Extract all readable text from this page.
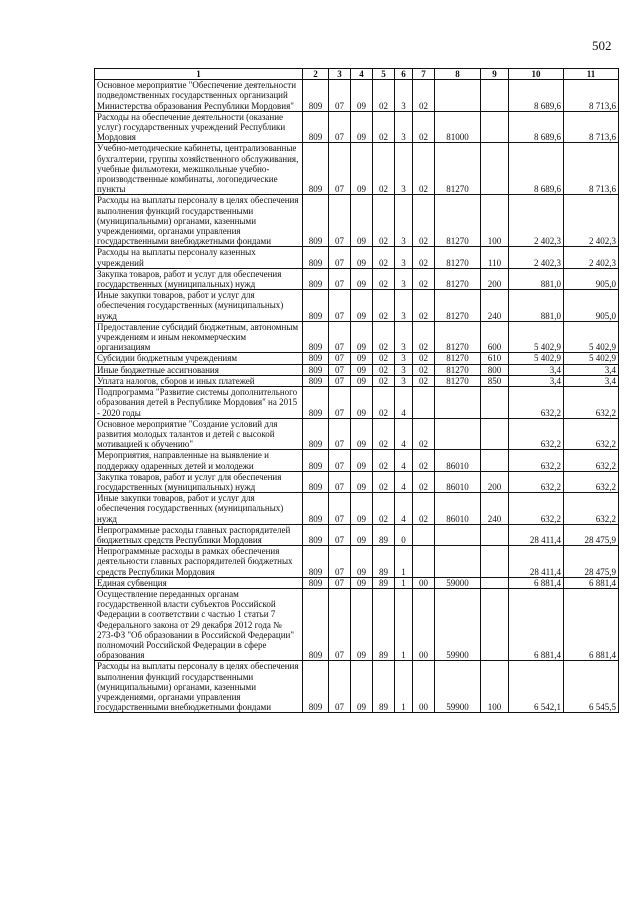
502
1	2	3	4	5	6	7	8	9	10	11
Основное мероприятие "Обеспечение деятельности подведомственных государственных организаций Министерства образования Республики Мордовия"	809	07	09	02	3	02			8 689,6	8 713,6
Расходы на обеспечение деятельности (оказание услуг) государственных учреждений Республики Мордовия	809	07	09	02	3	02	81000		8 689,6	8 713,6
Учебно-методические кабинеты, централизованные бухгалтерии, группы хозяйственного обслуживания, учебные фильмотеки, межшкольные учебно-производственные комбинаты, логопедические пункты	809	07	09	02	3	02	81270		8 689,6	8 713,6
Расходы на выплаты персоналу в целях обеспечения выполнения функций государственными (муниципальными) органами, казенными учреждениями, органами управления государственными внебюджетными фондами	809	07	09	02	3	02	81270	100	2 402,3	2 402,3
Расходы на выплаты персоналу казенных учреждений	809	07	09	02	3	02	81270	110	2 402,3	2 402,3
Закупка товаров, работ и услуг для обеспечения государственных (муниципальных) нужд	809	07	09	02	3	02	81270	200	881,0	905,0
Иные закупки товаров, работ и услуг для обеспечения государственных (муниципальных) нужд	809	07	09	02	3	02	81270	240	881,0	905,0
Предоставление субсидий бюджетным, автономным учреждениям и иным некоммерческим организациям	809	07	09	02	3	02	81270	600	5 402,9	5 402,9
Субсидии бюджетным учреждениям	809	07	09	02	3	02	81270	610	5 402,9	5 402,9
Иные бюджетные ассигнования	809	07	09	02	3	02	81270	800	3,4	3,4
Уплата налогов, сборов и иных платежей	809	07	09	02	3	02	81270	850	3,4	3,4
Подпрограмма "Развитие системы дополнительного образования детей в Республике Мордовия" на 2015 - 2020 годы	809	07	09	02	4				632,2	632,2
Основное мероприятие "Создание условий для развития молодых талантов и детей с высокой мотивацией к обучению"	809	07	09	02	4	02			632,2	632,2
Мероприятия, направленные на выявление и поддержку одаренных детей и молодежи	809	07	09	02	4	02	86010		632,2	632,2
Закупка товаров, работ и услуг для обеспечения государственных (муниципальных) нужд	809	07	09	02	4	02	86010	200	632,2	632,2
Иные закупки товаров, работ и услуг для обеспечения государственных (муниципальных) нужд	809	07	09	02	4	02	86010	240	632,2	632,2
Непрограммные расходы главных распорядителей бюджетных средств Республики Мордовия	809	07	09	89	0				28 411,4	28 475,9
Непрограммные расходы в рамках обеспечения деятельности главных распорядителей бюджетных средств Республики Мордовия	809	07	09	89	1				28 411,4	28 475,9
Единая субвенция	809	07	09	89	1	00	59000		6 881,4	6 881,4
Осуществление переданных органам государственной власти субъектов Российской Федерации в соответствии с частью 1 статьи 7 Федерального закона от 29 декабря 2012 года № 273-ФЗ "Об образовании в Российской Федерации" полномочий Российской Федерации в сфере образования	809	07	09	89	1	00	59900		6 881,4	6 881,4
Расходы на выплаты персоналу в целях обеспечения выполнения функций государственными (муниципальными) органами, казенными учреждениями, органами управления государственными внебюджетными фондами	809	07	09	89	1	00	59900	100	6 542,1	6 545,5
